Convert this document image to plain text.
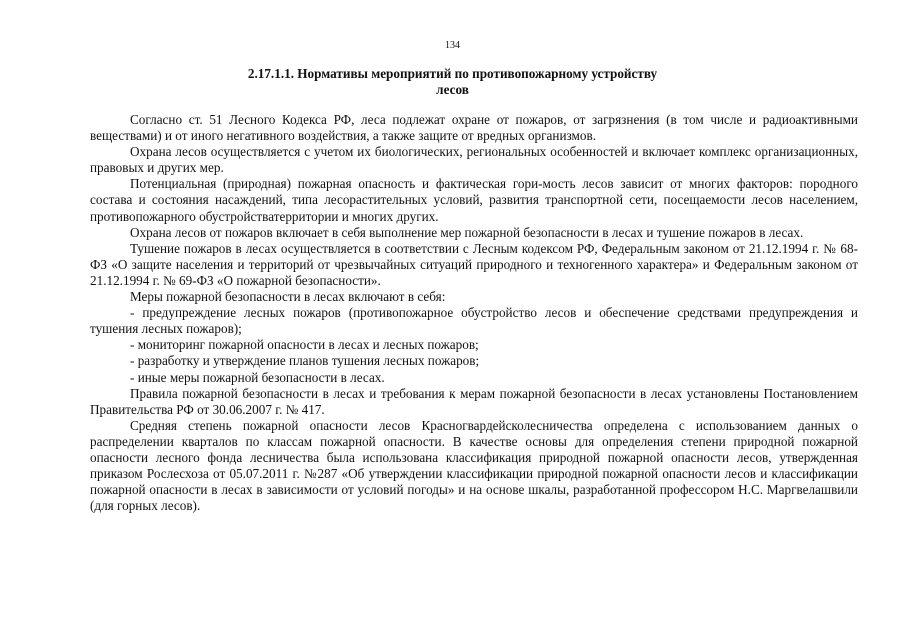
134
2.17.1.1. Нормативы мероприятий по противопожарному устройству
лесов

Согласно ст. 51 Лесного Кодекса РФ, леса подлежат охране от пожаров, от загрязнения (в том числе и радиоактивными веществами) и от иного негативного воздействия, а также защите от вредных организмов.

Охрана лесов осуществляется с учетом их биологических, региональных особенностей и включает комплекс организационных, правовых и других мер.

Потенциальная (природная) пожарная опасность и фактическая гори-мость лесов зависит от многих факторов: породного состава и состояния насаждений, типа лесорастительных условий, развития транспортной сети, посещаемости лесов населением, противопожарного обустройстватерритории и многих других.

Охрана лесов от пожаров включает в себя выполнение мер пожарной безопасности в лесах и тушение пожаров в лесах.

Тушение пожаров в лесах осуществляется в соответствии с Лесным кодексом РФ, Федеральным законом от 21.12.1994 г. № 68-ФЗ «О защите населения и территорий от чрезвычайных ситуаций природного и техногенного характера» и Федеральным законом от 21.12.1994 г. № 69-ФЗ «О пожарной безопасности».

Меры пожарной безопасности в лесах включают в себя:

- предупреждение лесных пожаров (противопожарное обустройство лесов и обеспечение средствами предупреждения и тушения лесных пожаров);

- мониторинг пожарной опасности в лесах и лесных пожаров;

- разработку и утверждение планов тушения лесных пожаров;

- иные меры пожарной безопасности в лесах.

Правила пожарной безопасности в лесах и требования к мерам пожарной безопасности в лесах установлены Постановлением Правительства РФ от 30.06.2007 г. № 417.

Средняя степень пожарной опасности лесов Красногвардейсколесничества определена с использованием данных о распределении кварталов по классам пожарной опасности. В качестве основы для определения степени природной пожарной опасности лесного фонда лесничества была использована классификация природной пожарной опасности лесов, утвержденная приказом Рослесхоза от 05.07.2011 г. №287 «Об утверждении классификации природной пожарной опасности лесов и классификации пожарной опасности в лесах в зависимости от условий погоды» и на основе шкалы, разработанной профессором Н.С. Маргвелашвили (для горных лесов).
